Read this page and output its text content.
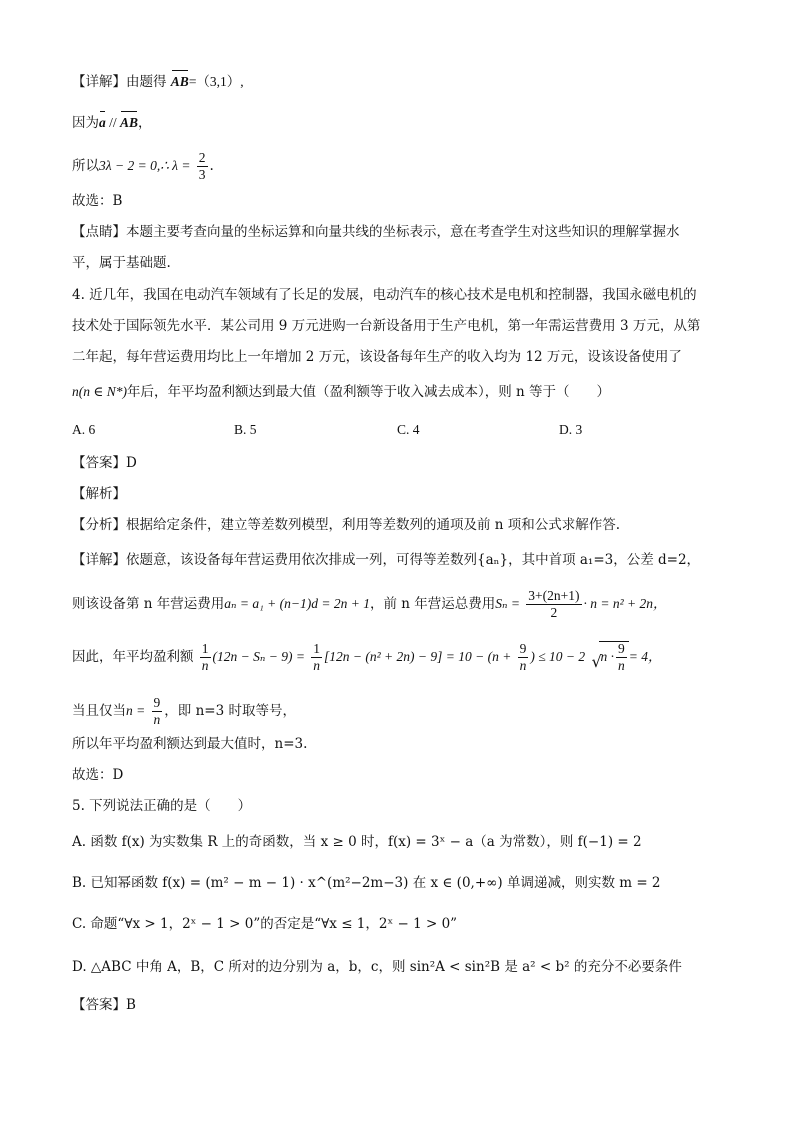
【详解】由题得 AB=（3,1）,
因为a // AB，
所以3λ − 2 = 0,∴ $\lambda = \frac{2}{3}$ .
故选：B
【点睛】本题主要考查向量的坐标运算和向量共线的坐标表示，意在考查学生对这些知识的理解掌握水
平，属于基础题.
4. 近几年，我国在电动汽车领域有了长足的发展，电动汽车的核心技术是电机和控制器，我国永磁电机的
技术处于国际领先水平．某公司用 9 万元进购一台新设备用于生产电机，第一年需运营费用 3 万元，从第
二年起，每年营运费用均比上一年增加 2 万元，该设备每年生产的收入均为 12 万元，设该设备使用了
n(n ∈ N*)年后，年平均盈利额达到最大值（盈利额等于收入减去成本），则 n 等于（　　）
A. 6	B. 5	C. 4	D. 3
【答案】D
【解析】
【分析】根据给定条件，建立等差数列模型，利用等差数列的通项及前 n 项和公式求解作答.
【详解】依题意，该设备每年营运费用依次排成一列，可得等差数列{aₙ}，其中首项 a₁=3，公差 d=2，
则该设备第 n 年营运费用aₙ = a₁ + (n−1)d = 2n + 1，前 n 年营运总费用$S_n = \frac{3+(2n+1)}{2} \cdot n = n^2 + 2n$，
因此，年平均盈利额 $\frac{1}{n} (12n - S_n - 9) = \frac{1}{n} [12n - (n^2 + 2n) - 9] = 10 - (n + \frac{9}{n}$ ) ≤ 10 − 2 √
$n \cdot \frac{9}{n} = 4$，
当且仅当$n = \frac{9}{n}$ ，即 n=3 时取等号，
所以年平均盈利额达到最大值时，n=3.
故选：D
5. 下列说法正确的是（　　）
A. 函数 f(x) 为实数集 R 上的奇函数，当 x ≥ 0 时，f(x) = 3ˣ − a（a 为常数），则 f(−1) = 2
B. 已知幂函数 f(x) = (m² − m − 1) · x^(m²−2m−3) 在 x ∈ (0,+∞) 单调递减，则实数 m = 2
C. 命题“∀x > 1，2ˣ − 1 > 0”的否定是“∀x ≤ 1，2ˣ − 1 > 0”
D. △ABC 中角 A，B，C 所对的边分别为 a，b，c，则 sin²A < sin²B 是 a² < b² 的充分不必要条件
【答案】B
